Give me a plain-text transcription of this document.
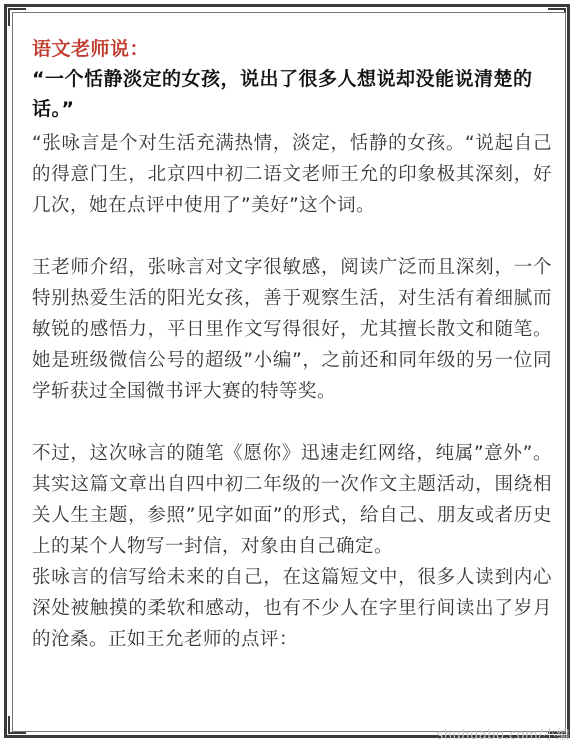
语文老师说：

“一个恬静淡定的女孩，说出了很多人想说却没能说清楚的话。”

“张咏言是个对生活充满热情，淡定，恬静的女孩。“说起自己的得意门生，北京四中初二语文老师王允的印象极其深刻，好几次，她在点评中使用了”美好”这个词。

王老师介绍，张咏言对文字很敏感，阅读广泛而且深刻，一个特别热爱生活的阳光女孩，善于观察生活，对生活有着细腻而敏锐的感悟力，平日里作文写得很好，尤其擅长散文和随笔。她是班级微信公号的超级”小编”，之前还和同年级的另一位同学斩获过全国微书评大赛的特等奖。

不过，这次咏言的随笔《愿你》迅速走红网络，纯属”意外”。其实这篇文章出自四中初二年级的一次作文主题活动，围绕相关人生主题，参照”见字如面”的形式，给自己、朋友或者历史上的某个人物写一封信，对象由自己确定。

张咏言的信写给未来的自己，在这篇短文中，很多人读到内心深处被触摸的柔软和感动，也有不少人在字里行间读出了岁月的沧桑。正如王允老师的点评：

shuhuabo.com/小编
